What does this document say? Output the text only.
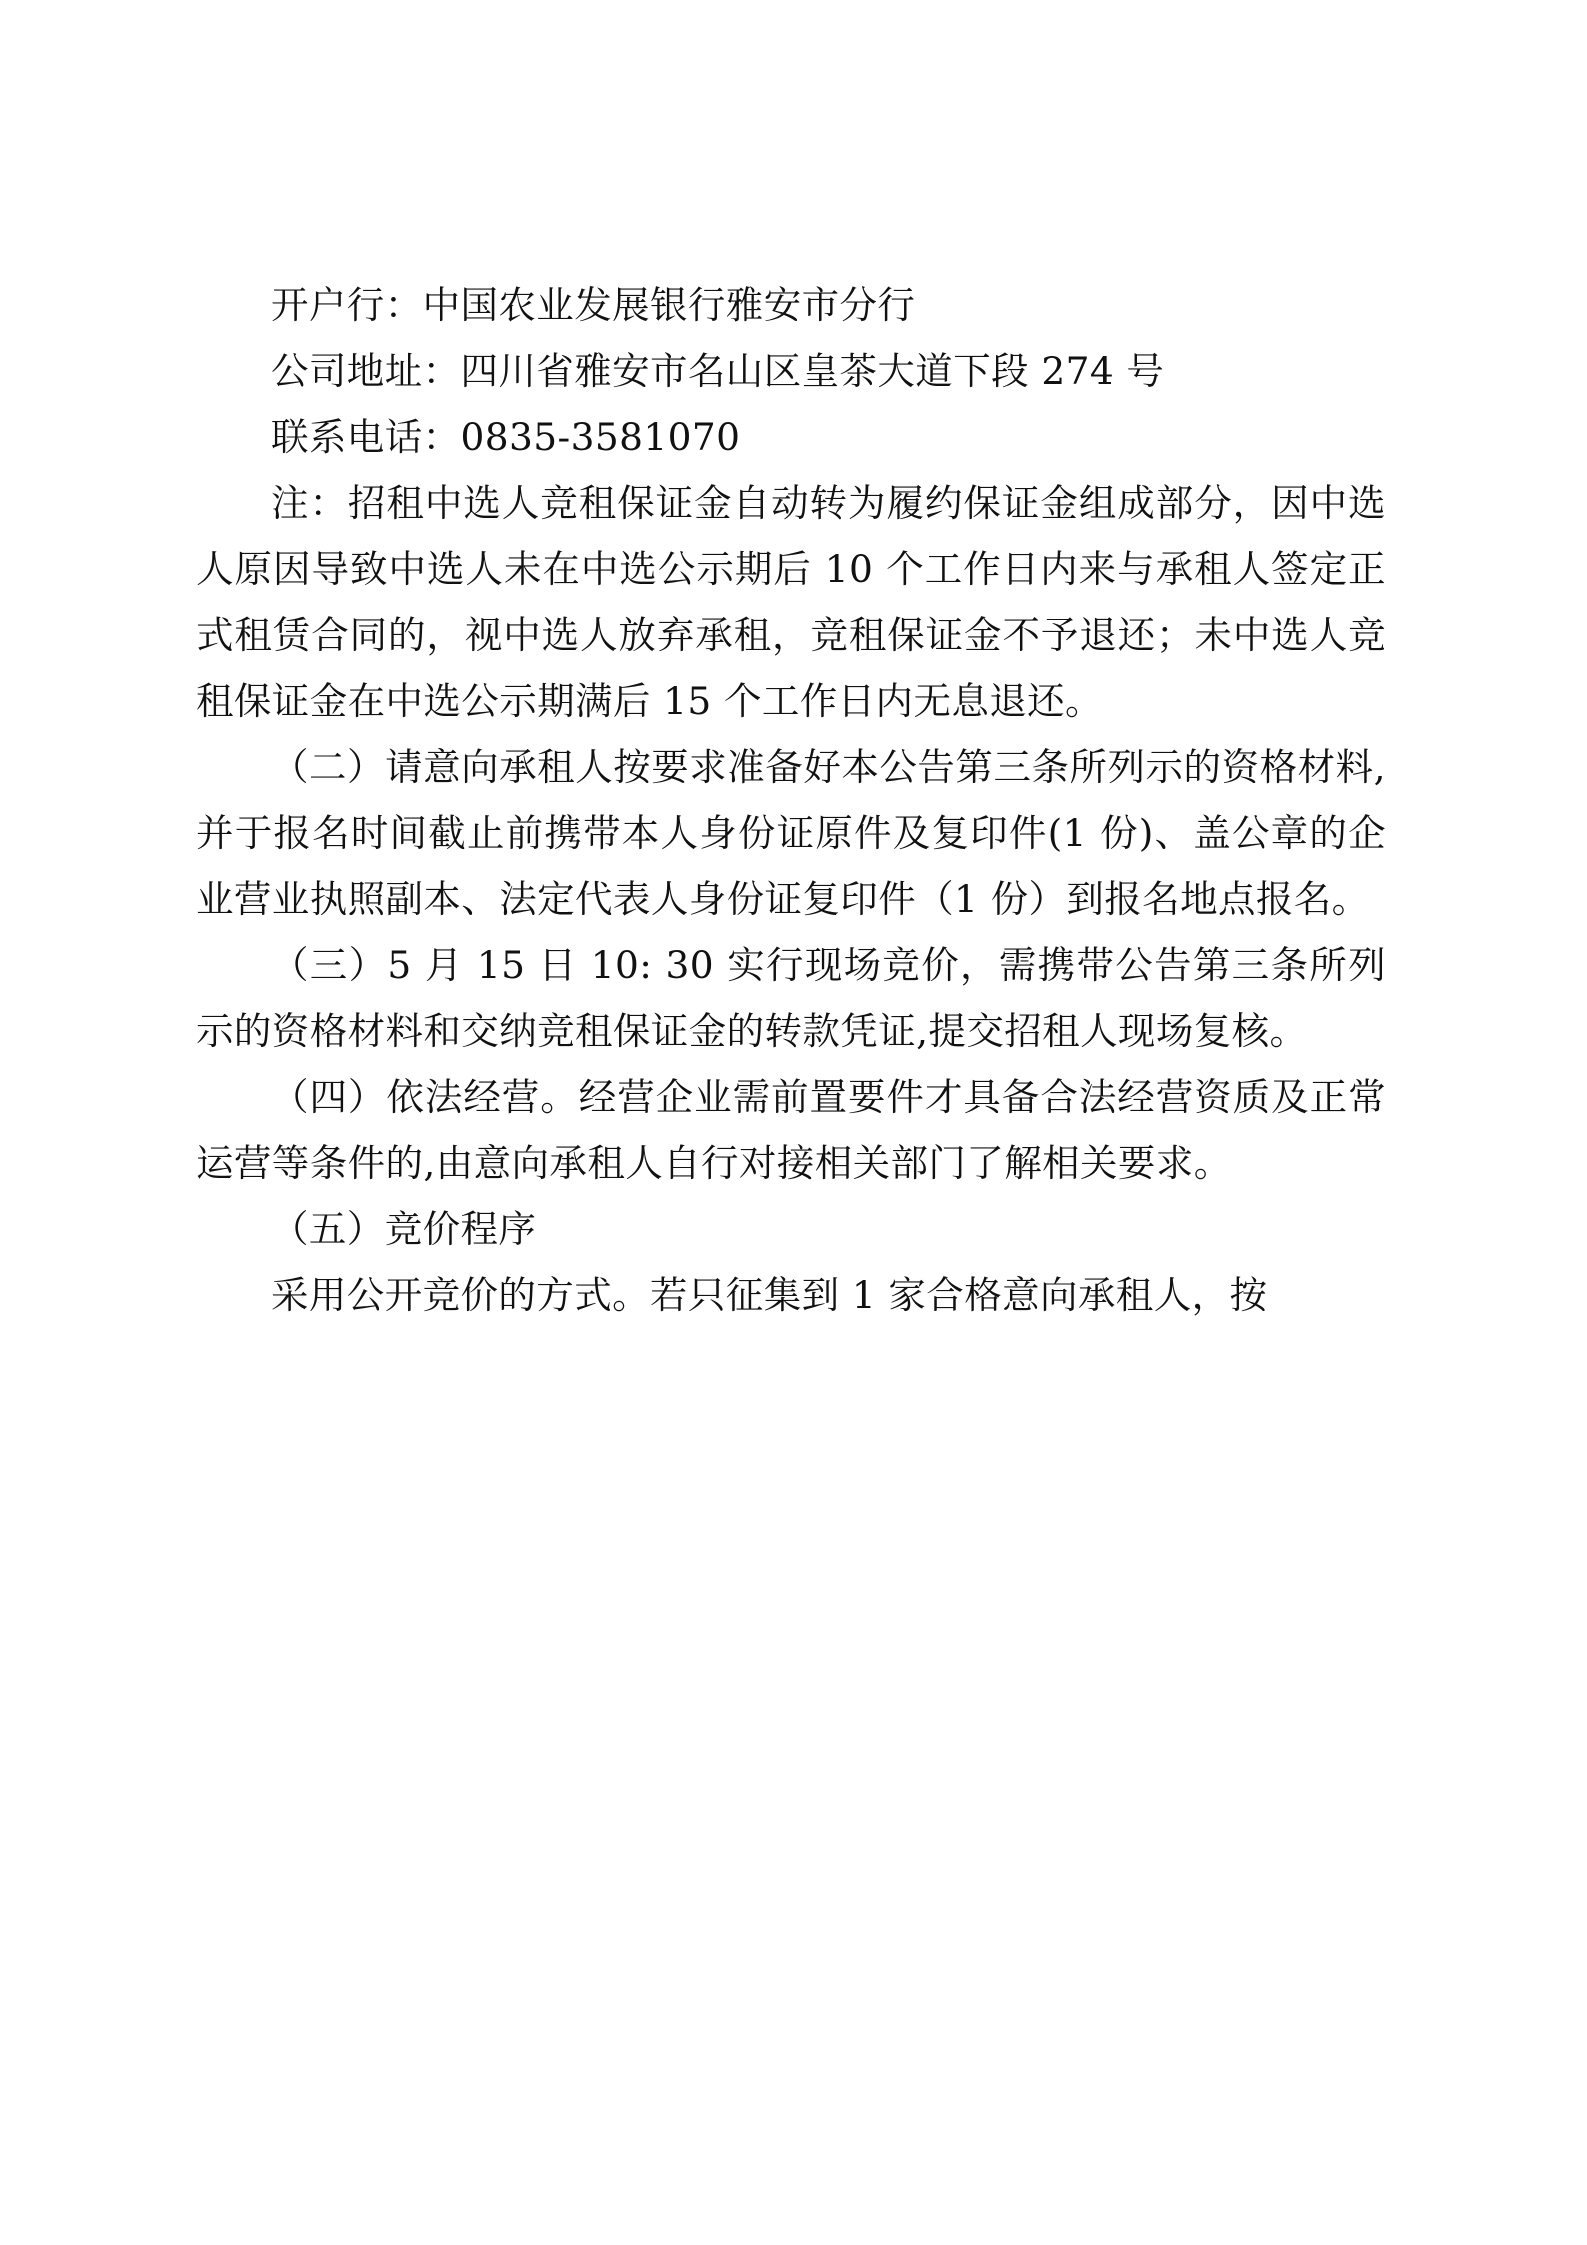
开户行：中国农业发展银行雅安市分行

公司地址：四川省雅安市名山区皇茶大道下段 274 号

联系电话：0835-3581070

注：招租中选人竞租保证金自动转为履约保证金组成部分，因中选人原因导致中选人未在中选公示期后 10 个工作日内来与承租人签定正式租赁合同的，视中选人放弃承租，竞租保证金不予退还；未中选人竞租保证金在中选公示期满后 15 个工作日内无息退还。

（二）请意向承租人按要求准备好本公告第三条所列示的资格材料,并于报名时间截止前携带本人身份证原件及复印件(1 份)、盖公章的企业营业执照副本、法定代表人身份证复印件（1 份）到报名地点报名。

（三）5 月 15 日 10: 30 实行现场竞价，需携带公告第三条所列示的资格材料和交纳竞租保证金的转款凭证,提交招租人现场复核。

（四）依法经营。经营企业需前置要件才具备合法经营资质及正常运营等条件的,由意向承租人自行对接相关部门了解相关要求。

（五）竞价程序

采用公开竞价的方式。若只征集到 1 家合格意向承租人，按
